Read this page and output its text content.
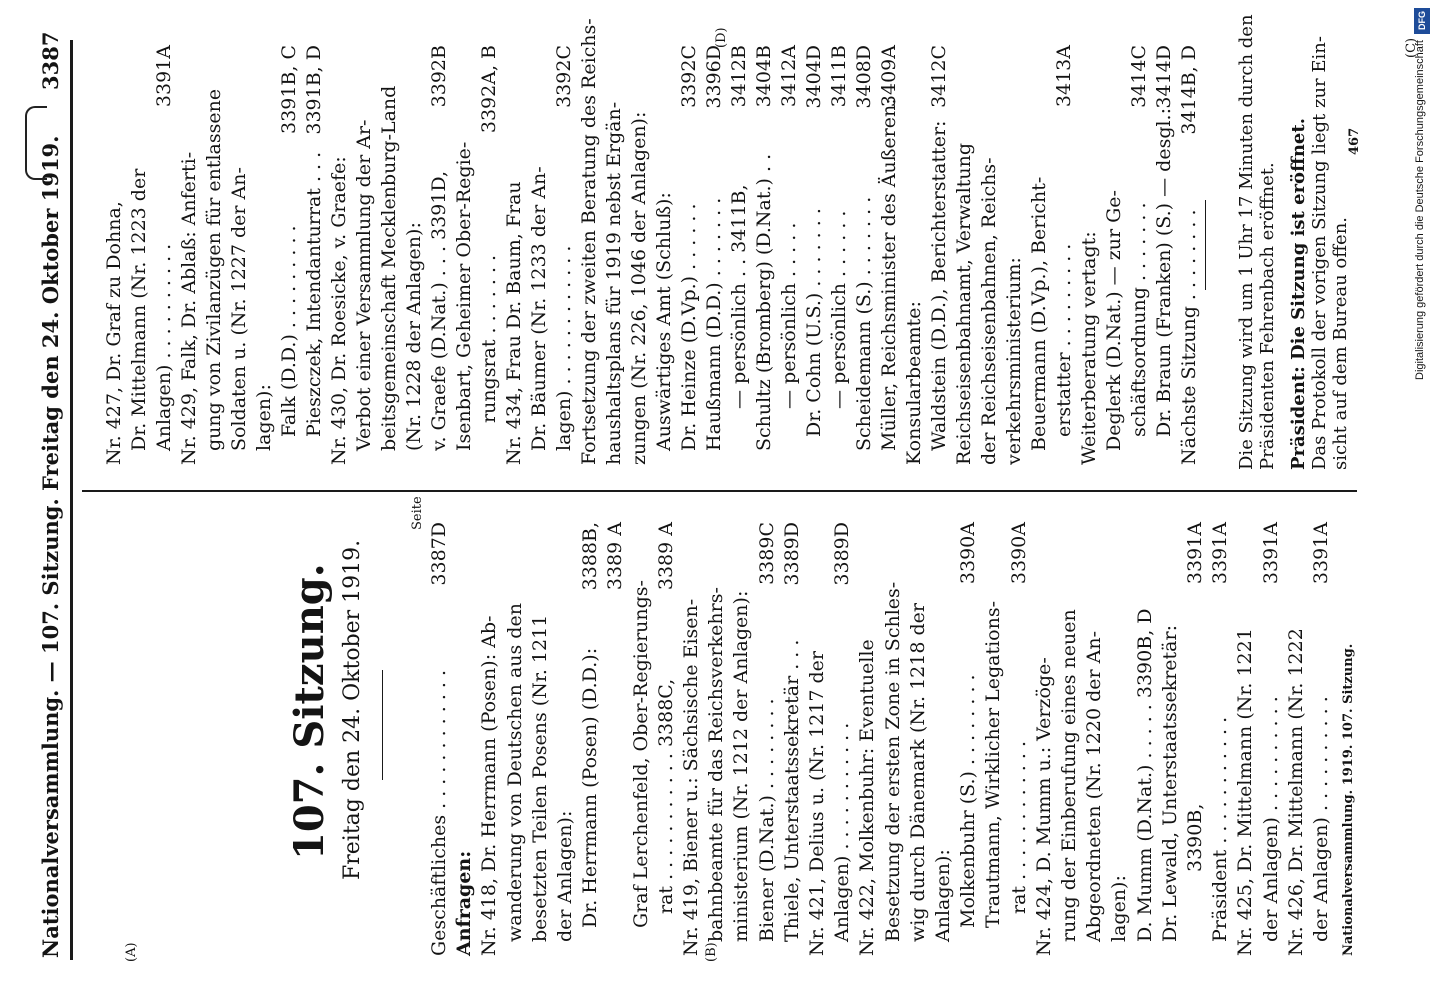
Nationalversammlung. — 107. Sitzung. Freitag den 24. Oktober 1919.
3387
(A)	(B)
(C)
(D)
107. Sitzung. Freitag den 24. Oktober 1919.
Seite
Geschäftliches . . . . . . . . . . . .
3387D
Anfragen: Nr. 418, Dr. Herrmann (Posen): Ab- wanderung von Deutschen aus den besetzten Teilen Posens (Nr. 1211 der Anlagen): Dr. Herrmann (Posen) (D.D.):
3388B, 3389 A
Graf Lerchenfeld, Ober-Regierungs- rat . . . . . . . . . . . 3388C,
3389 A
Nr. 419, Biener u.: Sächsische Eisen- bahnbeamte für das Reichsverkehrs- ministerium (Nr. 1212 der Anlagen): Biener (D.Nat.) . . . . . . . .
3389C
Thiele, Unterstaatssekretär . . .
3389D
Nr. 421, Delius u. (Nr. 1217 der Anlagen) . . . . . . . . . . .
3389D
Nr. 422, Molkenbuhr: Eventuelle Besetzung der ersten Zone in Schles- wig durch Dänemark (Nr. 1218 der Anlagen): Molkenbuhr (S.) . . . . . . . .
3390A
Trautmann, Wirklicher Legations- rat . . . . . . . . . . . .
3390A
Nr. 424, D. Mumm u.: Verzöge- rung der Einberufung eines neuen Abgeordneten (Nr. 1220 der An- lagen): D. Mumm (D.Nat.) . . . . . 3390B, D Dr. Lewald, Unterstaatssekretär: 3390B,
3391A
Präsident . . . . . . . . . . .
3391A
Nr. 425, Dr. Mittelmann (Nr. 1221 der Anlagen) . . . . . . . . . .
3391A
Nr. 426, Dr. Mittelmann (Nr. 1222 der Anlagen) . . . . . . . . . .
3391A
Nr. 427, Dr. Graf zu Dohna, Dr. Mittelmann (Nr. 1223 der Anlagen) . . . . . . . . . .
3391A
Nr. 429, Falk, Dr. Ablaß: Anferti- gung von Zivilanzügen für entlassene Soldaten u. (Nr. 1227 der An- lagen): Falk (D.D.) . . . . . . . . .
3391B, C
Pieszczek, Intendanturrat . . .
3391B, D
Nr. 430, Dr. Roesicke, v. Graefe: Verbot einer Versammlung der Ar- beitsgemeinschaft Mecklenburg-Land (Nr. 1228 der Anlagen): v. Graefe (D.Nat.) . . . 3391D,
3392B
Isenbart, Geheimer Ober-Regie- rungsrat . . . . . . .
3392A, B
Nr. 434, Frau Dr. Baum, Frau Dr. Bäumer (Nr. 1233 der An- lagen) . . . . . . . . . . . .
3392C Fortsetzung der zweiten Beratung des Reichs- haushaltsplans für 1919 nebst Ergän- zungen (Nr. 226, 1046 der Anlagen): Auswärtiges Amt (Schluß): Dr. Heinze (D.Vp.) . . . . . .
3392C
Haußmann (D.D.) . . . . . . .
3396D
— persönlich . . 3411B,
3412B
Schultz (Bromberg) (D.Nat.) . .
3404B
— persönlich . . . . .
3412A
Dr. Cohn (U.S.) . . . . . . .
3404D
— persönlich . . . . . .
3411B
Scheidemann (S.) . . . . . . .
3408D
Müller, Reichsminister des Äußeren:
3409A
Konsularbeamte: Waldstein (D.D.), Berichterstatter:
3412C
Reichseisenbahnamt, Verwaltung der Reichseisenbahnen, Reichs- verkehrsministerium: Beuermann (D.Vp.), Bericht- erstatter . . . . . . . . .
3413A
Weiterberatung vertagt: Deglerk (D.Nat.) — zur Ge- schäftsordnung . . . . . . .
3414C
Dr. Braun (Franken) (S.) — desgl.:
3414D
Nächste Sitzung . . . . . . . .
3414B, D Die Sitzung wird um 1 Uhr 17 Minuten durch den Präsidenten Fehrenbach eröffnet. Präsident: Die Sitzung ist eröffnet. Das Protokoll der vorigen Sitzung liegt zur Ein- sicht auf dem Bureau offen.
Nationalversammlung. 1919. 107. Sitzung.
467
DFG
Digitalisierung gefördert durch die Deutsche Forschungsgemeinschaft
